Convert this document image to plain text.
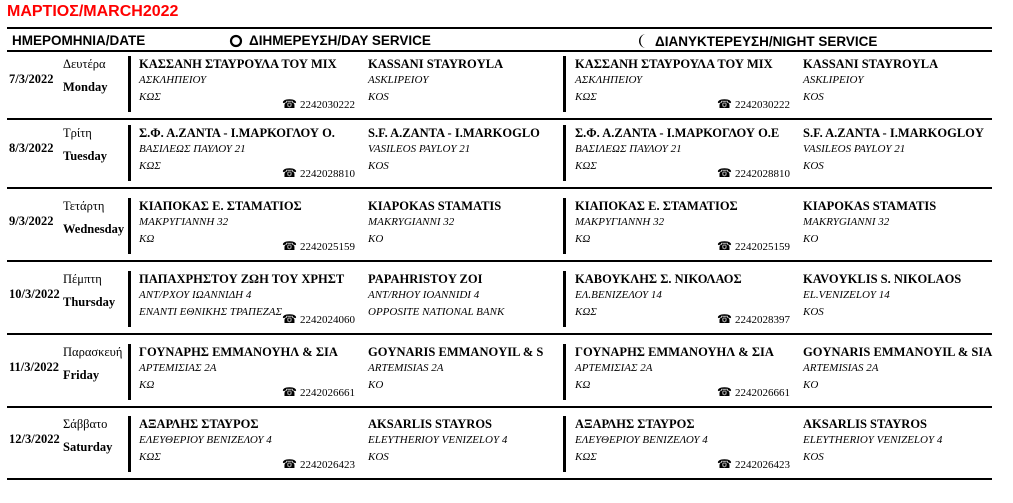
ΜΑΡΤΙΟΣ/MARCH2022
ΗΜΕΡΟΜΗΝΙΑ/DATE	ΔΙΗΜΕΡΕΥΣΗ/DAY SERVICE	ΔΙΑΝΥΚΤΕΡΕΥΣΗ/NIGHT SERVICE
7/3/2022
Δευτέρα
Monday
ΚΑΣΣΑΝΗ ΣΤΑΥΡΟΥΛΑ ΤΟΥ ΜΙΧ
ΑΣΚΛΗΠΕΙΟΥ
ΚΩΣ
KASSANI STAYROYLA
ASKLIPEIOY
KOS
☎ 2242030222
ΚΑΣΣΑΝΗ ΣΤΑΥΡΟΥΛΑ ΤΟΥ ΜΙΧ
ΑΣΚΛΗΠΕΙΟΥ
ΚΩΣ
KASSANI STAYROYLA
ASKLIPEIOY
KOS
☎ 2242030222
8/3/2022
Τρίτη
Tuesday
Σ.Φ. Α.ΖΑΝΤΑ - Ι.ΜΑΡΚΟΓΛΟΥ Ο.
ΒΑΣΙΛΕΩΣ ΠΑΥΛΟΥ 21
ΚΩΣ
S.F. A.ZANTA - I.MARKOGLO
VASILEOS PAYLOY 21
KOS
☎ 2242028810
Σ.Φ. Α.ΖΑΝΤΑ - Ι.ΜΑΡΚΟΓΛΟΥ Ο.Ε
ΒΑΣΙΛΕΩΣ ΠΑΥΛΟΥ 21
ΚΩΣ
S.F. A.ZANTA - I.MARKOGLOY
VASILEOS PAYLOY 21
KOS
☎ 2242028810
9/3/2022
Τετάρτη
Wednesday
ΚΙΑΠΟΚΑΣ Ε. ΣΤΑΜΑΤΙΟΣ
ΜΑΚΡΥΓΙΑΝΝΗ 32
ΚΩ
KIAPOKAS STAMATIS
MAKRYGIANNI 32
KO
☎ 2242025159
ΚΙΑΠΟΚΑΣ Ε. ΣΤΑΜΑΤΙΟΣ
ΜΑΚΡΥΓΙΑΝΝΗ 32
ΚΩ
KIAPOKAS STAMATIS
MAKRYGIANNI 32
KO
☎ 2242025159
10/3/2022
Πέμπτη
Thursday
ΠΑΠΑΧΡΗΣΤΟΥ ΖΩΗ ΤΟΥ ΧΡΗΣΤ
ΑΝΤ/ΡΧΟΥ ΙΩΑΝΝΙΔΗ 4
ΕΝΑΝΤΙ ΕΘΝΙΚΗΣ ΤΡΑΠΕΖΑΣ
PAPAHRISTOY ZOI
ANT/RHOY IOANNIDI 4
OPPOSITE NATIONAL BANK
☎ 2242024060
ΚΑΒΟΥΚΛΗΣ Σ. ΝΙΚΟΛΑΟΣ
ΕΛ.ΒΕΝΙΖΕΛΟΥ 14
ΚΩΣ
KAVOYKLIS S. NIKOLAOS
EL.VENIZELOY 14
KOS
☎ 2242028397
11/3/2022
Παρασκευή
Friday
ΓΟΥΝΑΡΗΣ ΕΜΜΑΝΟΥΗΛ & ΣΙΑ
ΑΡΤΕΜΙΣΙΑΣ 2Α
ΚΩ
GOYNARIS EMMANOYIL & S
ARTEMISIAS 2A
KO
☎ 2242026661
ΓΟΥΝΑΡΗΣ ΕΜΜΑΝΟΥΗΛ & ΣΙΑ
ΑΡΤΕΜΙΣΙΑΣ 2Α
ΚΩ
GOYNARIS EMMANOYIL & SIA
ARTEMISIAS 2A
KO
☎ 2242026661
12/3/2022
Σάββατο
Saturday
ΑΞΑΡΛΗΣ ΣΤΑΥΡΟΣ
ΕΛΕΥΘΕΡΙΟΥ ΒΕΝΙΖΕΛΟΥ 4
ΚΩΣ
AKSARLIS STAYROS
ELEYTHERIOY VENIZELOY 4
KOS
☎ 2242026423
ΑΞΑΡΛΗΣ ΣΤΑΥΡΟΣ
ΕΛΕΥΘΕΡΙΟΥ ΒΕΝΙΖΕΛΟΥ 4
ΚΩΣ
AKSARLIS STAYROS
ELEYTHERIOY VENIZELOY 4
KOS
☎ 2242026423
